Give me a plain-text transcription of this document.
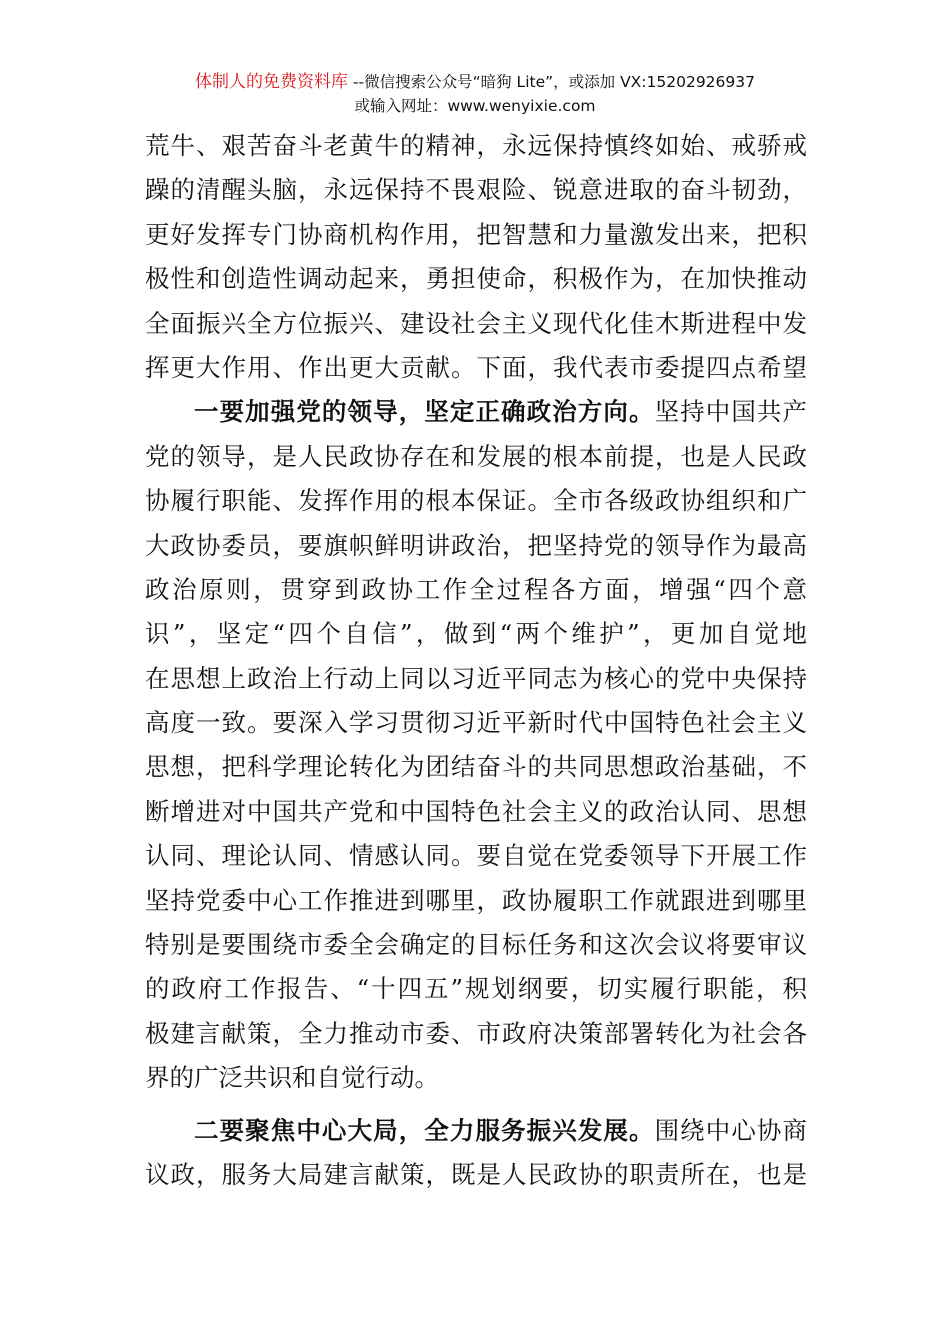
体制人的免费资料库 --微信搜索公众号“暗狗 Lite”，或添加 VX:15202926937
或输入网址：www.wenyixie.com
荒牛、艰苦奋斗老黄牛的精神，永远保持慎终如始、戒骄戒
躁的清醒头脑，永远保持不畏艰险、锐意进取的奋斗韧劲，
更好发挥专门协商机构作用，把智慧和力量激发出来，把积
极性和创造性调动起来，勇担使命，积极作为，在加快推动
全面振兴全方位振兴、建设社会主义现代化佳木斯进程中发
挥更大作用、作出更大贡献。下面，我代表市委提四点希望
一要加强党的领导，坚定正确政治方向。坚持中国共产
党的领导，是人民政协存在和发展的根本前提，也是人民政
协履行职能、发挥作用的根本保证。全市各级政协组织和广
大政协委员，要旗帜鲜明讲政治，把坚持党的领导作为最高
政治原则，贯穿到政协工作全过程各方面，增强“四个意
识”，坚定“四个自信”，做到“两个维护”，更加自觉地
在思想上政治上行动上同以习近平同志为核心的党中央保持
高度一致。要深入学习贯彻习近平新时代中国特色社会主义
思想，把科学理论转化为团结奋斗的共同思想政治基础，不
断增进对中国共产党和中国特色社会主义的政治认同、思想
认同、理论认同、情感认同。要自觉在党委领导下开展工作
坚持党委中心工作推进到哪里，政协履职工作就跟进到哪里
特别是要围绕市委全会确定的目标任务和这次会议将要审议
的政府工作报告、“十四五”规划纲要，切实履行职能，积
极建言献策，全力推动市委、市政府决策部署转化为社会各
界的广泛共识和自觉行动。
二要聚焦中心大局，全力服务振兴发展。围绕中心协商
议政，服务大局建言献策，既是人民政协的职责所在，也是
